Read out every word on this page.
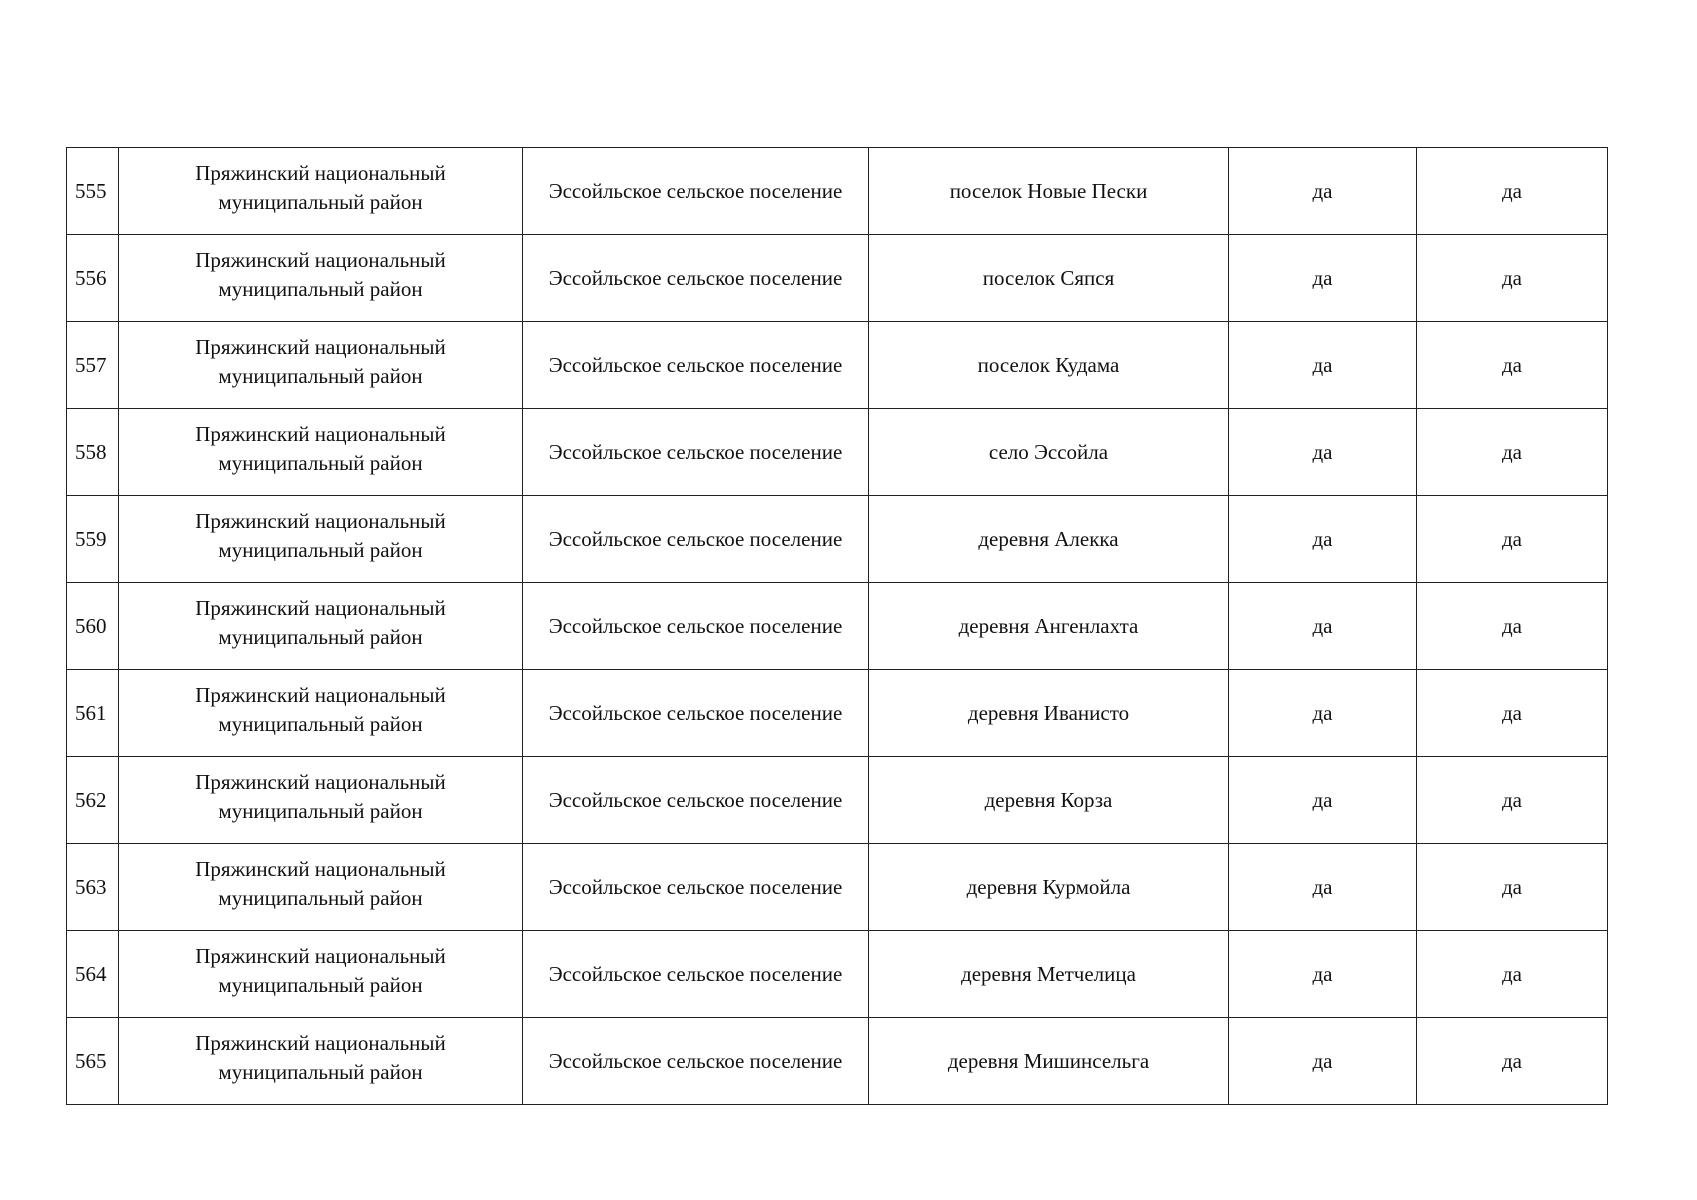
555	Пряжинский национальный
муниципальный район	Эссойльское сельское поселение	поселок Новые Пески	да	да
556	Пряжинский национальный
муниципальный район	Эссойльское сельское поселение	поселок Сяпся	да	да
557	Пряжинский национальный
муниципальный район	Эссойльское сельское поселение	поселок Кудама	да	да
558	Пряжинский национальный
муниципальный район	Эссойльское сельское поселение	село Эссойла	да	да
559	Пряжинский национальный
муниципальный район	Эссойльское сельское поселение	деревня Алекка	да	да
560	Пряжинский национальный
муниципальный район	Эссойльское сельское поселение	деревня Ангенлахта	да	да
561	Пряжинский национальный
муниципальный район	Эссойльское сельское поселение	деревня Иванисто	да	да
562	Пряжинский национальный
муниципальный район	Эссойльское сельское поселение	деревня Корза	да	да
563	Пряжинский национальный
муниципальный район	Эссойльское сельское поселение	деревня Курмойла	да	да
564	Пряжинский национальный
муниципальный район	Эссойльское сельское поселение	деревня Метчелица	да	да
565	Пряжинский национальный
муниципальный район	Эссойльское сельское поселение	деревня Мишинсельга	да	да
